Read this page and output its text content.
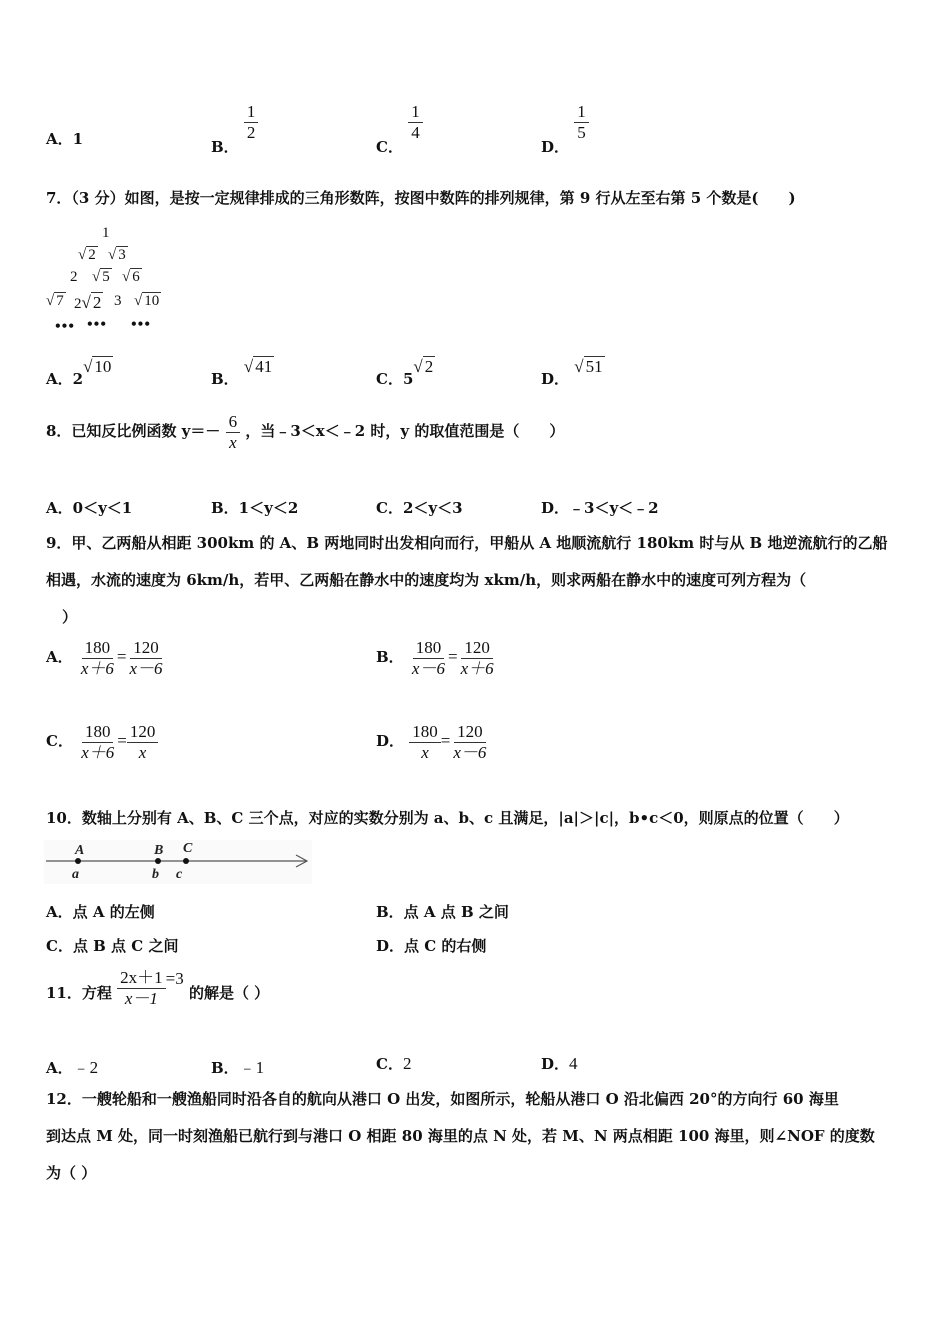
A．1	B．
$\frac{1}{2}$
C．
$\frac{1}{4}$
D．
$\frac{1}{5}$
7．（3 分）如图，是按一定规律排成的三角形数阵，按图中数阵的排列规律，第 9 行从左至右第 5 个数是(　　)
1
√ 2 √ 3
2 √ 5 √ 6
√ 7 2√ 2 3 √ 10
••• ••• •••
A．2√ 10
B． √ 41
C．5√ 2
D． √ 51
8．已知反比例函数 $y=- \frac{6}{x}$ ，当﹣3＜x＜﹣2 时，y 的取值范围是（　　）
A．0＜y＜1	B．1＜y＜2	C．2＜y＜3	D．﹣3＜y＜﹣2
9．甲、乙两船从相距 300km 的 A、B 两地同时出发相向而行，甲船从 A 地顺流航行 180km 时与从 B 地逆流航行的乙船
相遇，水流的速度为 6km/h，若甲、乙两船在静水中的速度均为 xkm/h，则求两船在静水中的速度可列方程为（
）
A． $\frac{180}{x+6} = \frac{120}{x-6}$	B． $\frac{180}{x-6} = \frac{120}{x+6}$
C． $\frac{180}{x+6} = \frac{120}{x}$	D． $\frac{180}{x} = \frac{120}{x-6}$
10．数轴上分别有 A、B、C 三个点，对应的实数分别为 a、b、c 且满足，|a|＞|c|，b•c＜0，则原点的位置（　　）
A	B C
a	b c
A．点 A 的左侧	B．点 A 点 B 之间
C．点 B 点 C 之间	D．点 C 的右侧
11．方程 $\frac{2x+1}{x-1} =3$ 的解是（ ）
A．﹣2	B．﹣1	C．2	D．4
12．一艘轮船和一艘渔船同时沿各自的航向从港口 O 出发，如图所示，轮船从港口 O 沿北偏西 20°的方向行 60 海里
到达点 M 处，同一时刻渔船已航行到与港口 O 相距 80 海里的点 N 处，若 M、N 两点相距 100 海里，则∠NOF 的度数
为（ ）
